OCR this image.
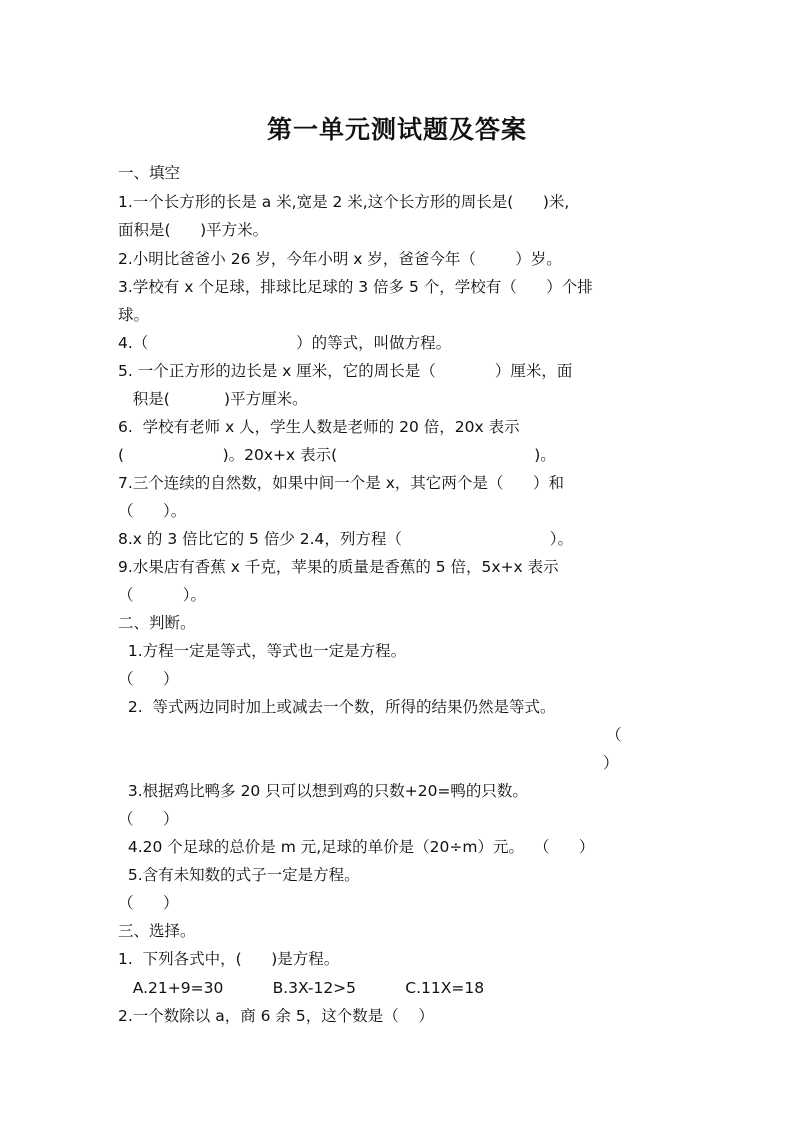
第一单元测试题及答案
一、填空
1.一个长方形的长是 a 米,宽是 2 米,这个长方形的周长是(      )米,
面积是(      )平方米。
2.小明比爸爸小 26 岁，今年小明 x 岁，爸爸今年（        ）岁。
3.学校有 x 个足球，排球比足球的 3 倍多 5 个，学校有（      ）个排
球。
4.（                              ）的等式，叫做方程。
5. 一个正方形的边长是 x 厘米，它的周长是（            ）厘米，面
积是(           )平方厘米。
6.  学校有老师 x 人，学生人数是老师的 20 倍，20x 表示
(                    )。20x+x 表示(                                        )。
7.三个连续的自然数，如果中间一个是 x，其它两个是（      ）和
（      ）。
8.x 的 3 倍比它的 5 倍少 2.4，列方程（                              ）。
9.水果店有香蕉 x 千克，苹果的质量是香蕉的 5 倍，5x+x 表示
（          ）。
二、判断。
1.方程一定是等式，等式也一定是方程。
（      ）
2.  等式两边同时加上或减去一个数，所得的结果仍然是等式。
（
）
3.根据鸡比鸭多 20 只可以想到鸡的只数+20=鸭的只数。
（      ）
4.20 个足球的总价是 m 元,足球的单价是（20÷m）元。  （      ）
5.含有未知数的式子一定是方程。
（      ）
三、选择。
1.  下列各式中，(      )是方程。
A.21+9=30          B.3X-12>5          C.11X=18
2.一个数除以 a，商 6 余 5，这个数是（    ）
